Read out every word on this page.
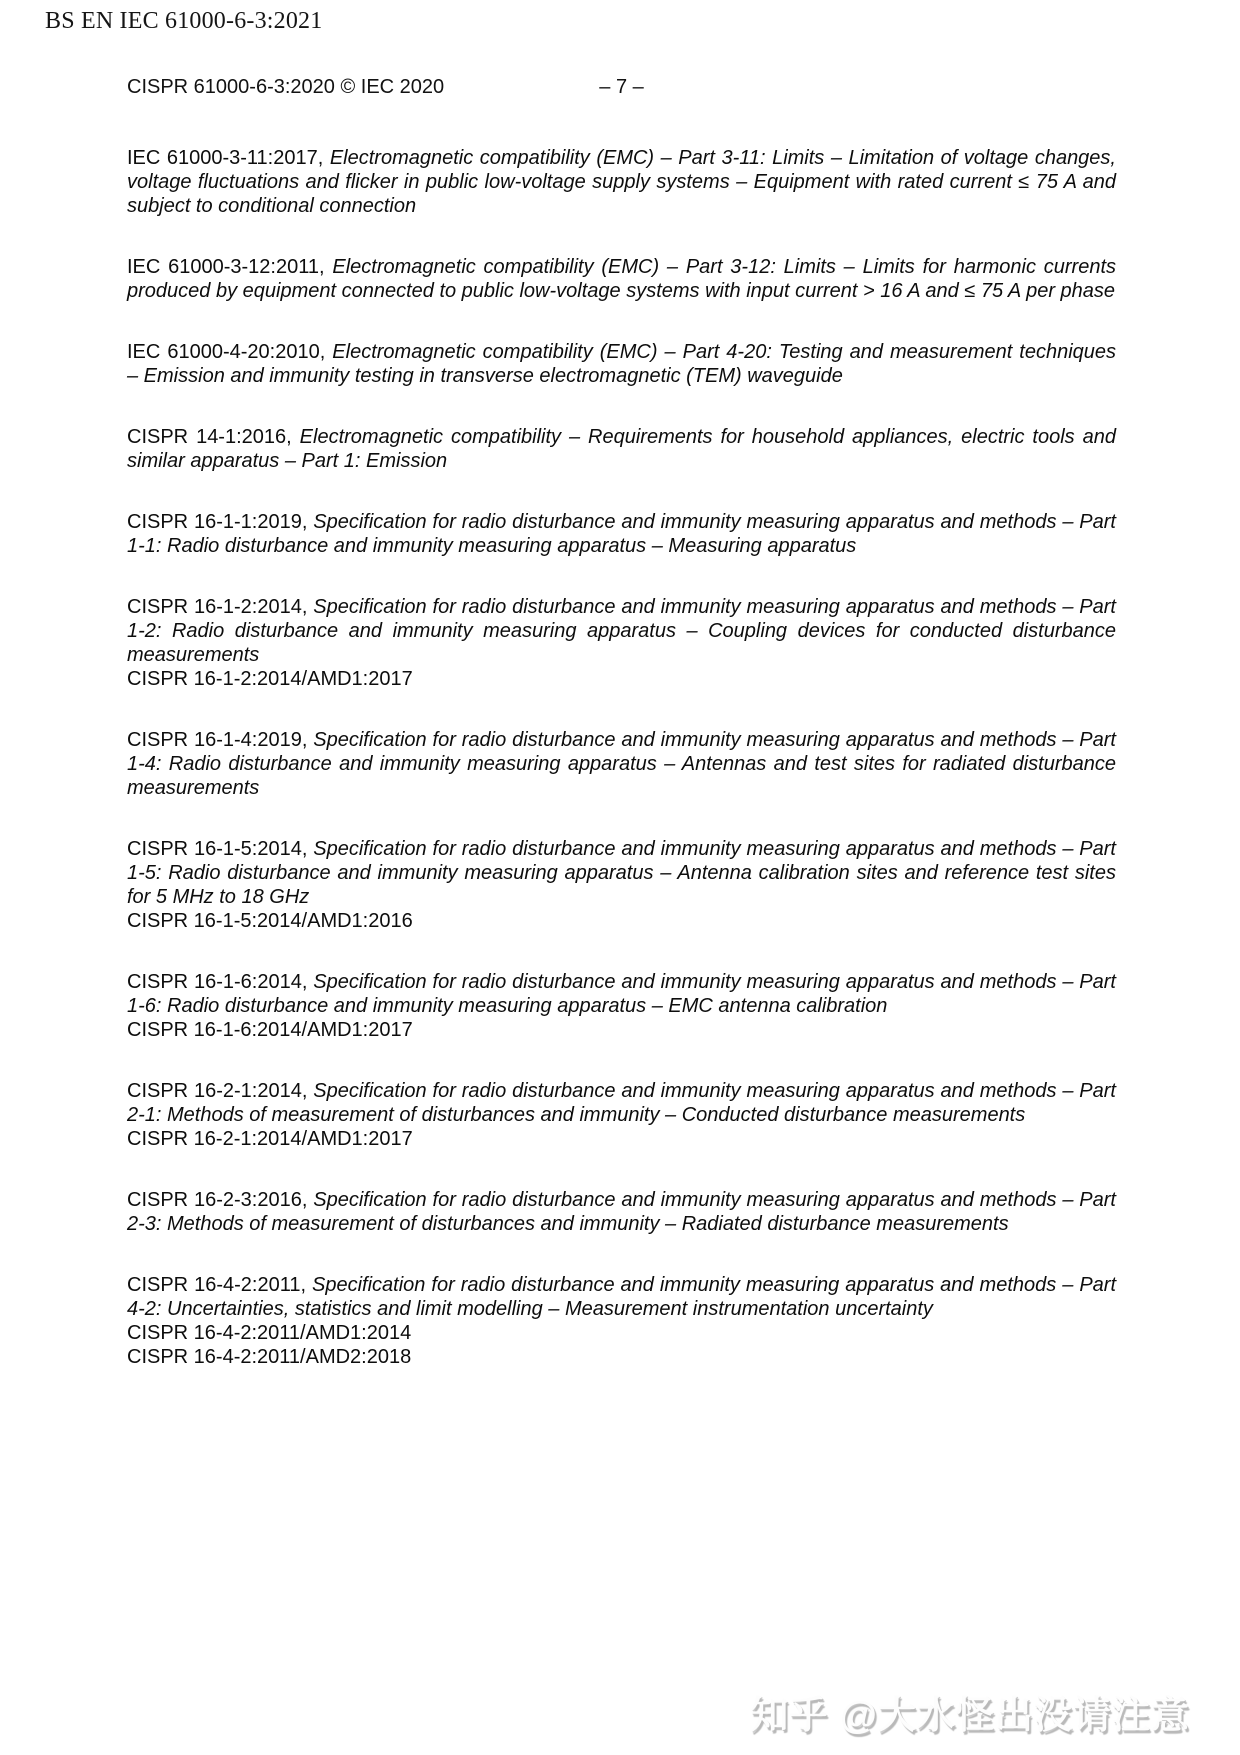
BS EN IEC 61000-6-3:2021
CISPR 61000-6-3:2020 © IEC 2020	– 7 –

IEC 61000-3-11:2017, Electromagnetic compatibility (EMC) – Part 3-11: Limits – Limitation of voltage changes, voltage fluctuations and flicker in public low-voltage supply systems – Equipment with rated current ≤ 75 A and subject to conditional connection

IEC 61000-3-12:2011, Electromagnetic compatibility (EMC) – Part 3-12: Limits – Limits for harmonic currents produced by equipment connected to public low-voltage systems with input current > 16 A and ≤ 75 A per phase

IEC 61000-4-20:2010, Electromagnetic compatibility (EMC) – Part 4-20: Testing and measurement techniques – Emission and immunity testing in transverse electromagnetic (TEM) waveguide

CISPR 14-1:2016, Electromagnetic compatibility – Requirements for household appliances, electric tools and similar apparatus – Part 1: Emission

CISPR 16-1-1:2019, Specification for radio disturbance and immunity measuring apparatus and methods – Part 1-1: Radio disturbance and immunity measuring apparatus – Measuring apparatus

CISPR 16-1-2:2014, Specification for radio disturbance and immunity measuring apparatus and methods – Part 1-2: Radio disturbance and immunity measuring apparatus – Coupling devices for conducted disturbance measurements
CISPR 16-1-2:2014/AMD1:2017

CISPR 16-1-4:2019, Specification for radio disturbance and immunity measuring apparatus and methods – Part 1-4: Radio disturbance and immunity measuring apparatus – Antennas and test sites for radiated disturbance measurements

CISPR 16-1-5:2014, Specification for radio disturbance and immunity measuring apparatus and methods – Part 1-5: Radio disturbance and immunity measuring apparatus – Antenna calibration sites and reference test sites for 5 MHz to 18 GHz
CISPR 16-1-5:2014/AMD1:2016

CISPR 16-1-6:2014, Specification for radio disturbance and immunity measuring apparatus and methods – Part 1-6: Radio disturbance and immunity measuring apparatus – EMC antenna calibration
CISPR 16-1-6:2014/AMD1:2017

CISPR 16-2-1:2014, Specification for radio disturbance and immunity measuring apparatus and methods – Part 2-1: Methods of measurement of disturbances and immunity – Conducted disturbance measurements
CISPR 16-2-1:2014/AMD1:2017

CISPR 16-2-3:2016, Specification for radio disturbance and immunity measuring apparatus and methods – Part 2-3: Methods of measurement of disturbances and immunity – Radiated disturbance measurements

CISPR 16-4-2:2011, Specification for radio disturbance and immunity measuring apparatus and methods – Part 4-2: Uncertainties, statistics and limit modelling – Measurement instrumentation uncertainty
CISPR 16-4-2:2011/AMD1:2014
CISPR 16-4-2:2011/AMD2:2018

知乎 @大水怪出没请注意
